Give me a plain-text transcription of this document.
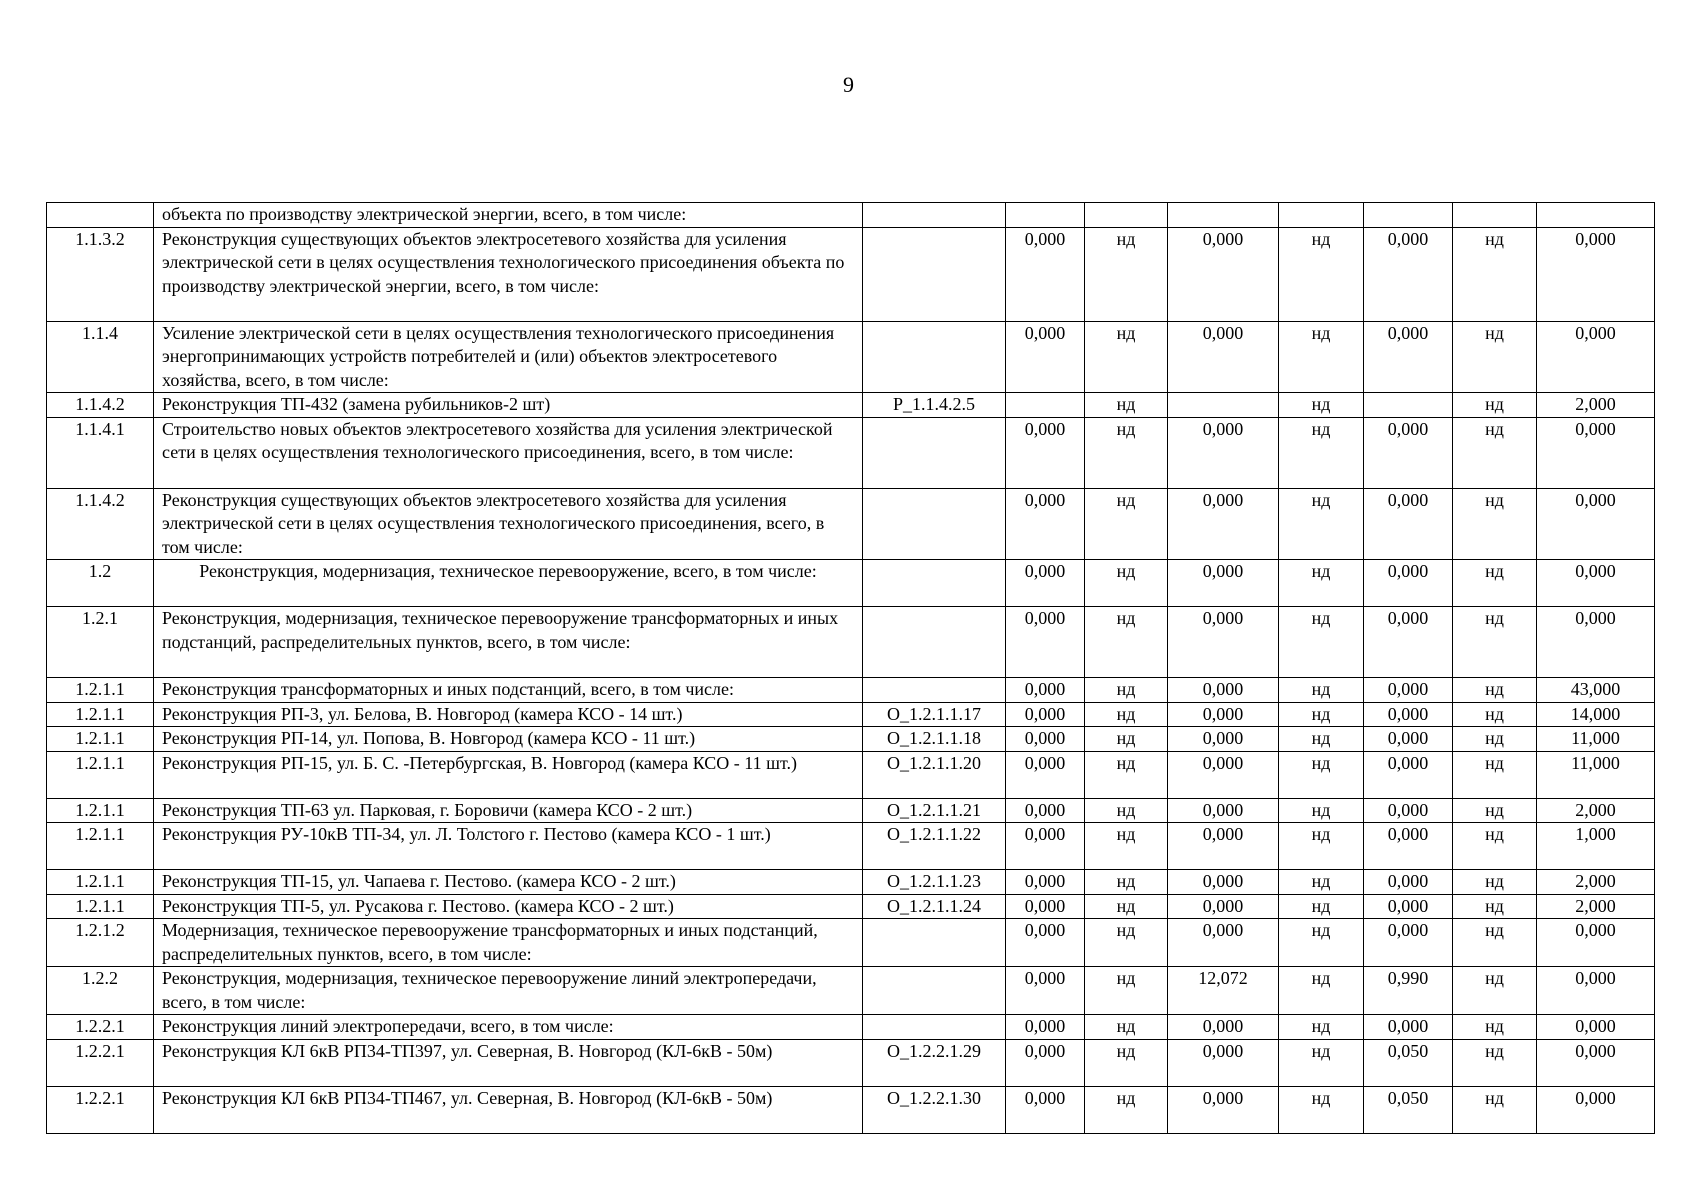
9
	объекта по производству электрической энергии, всего, в том числе:								
1.1.3.2	Реконструкция существующих объектов электросетевого хозяйства для усиления электрической сети в целях осуществления технологического присоединения объекта по производству электрической энергии, всего, в том числе:		0,000	нд	0,000	нд	0,000	нд	0,000
1.1.4	Усиление электрической сети в целях осуществления технологического присоединения энергопринимающих устройств потребителей и (или) объектов электросетевого хозяйства, всего, в том числе:		0,000	нд	0,000	нд	0,000	нд	0,000
1.1.4.2	Реконструкция ТП-432 (замена рубильников-2 шт)	Р_1.1.4.2.5		нд		нд		нд	2,000
1.1.4.1	Строительство новых объектов электросетевого хозяйства для усиления электрической сети в целях осуществления технологического присоединения, всего, в том числе:		0,000	нд	0,000	нд	0,000	нд	0,000
1.1.4.2	Реконструкция существующих объектов электросетевого хозяйства для усиления электрической сети в целях осуществления технологического присоединения, всего, в том числе:		0,000	нд	0,000	нд	0,000	нд	0,000
1.2	Реконструкция, модернизация, техническое перевооружение, всего, в том числе:		0,000	нд	0,000	нд	0,000	нд	0,000
1.2.1	Реконструкция, модернизация, техническое перевооружение трансформаторных и иных подстанций, распределительных пунктов, всего, в том числе:		0,000	нд	0,000	нд	0,000	нд	0,000
1.2.1.1	Реконструкция трансформаторных и иных подстанций, всего, в том числе:		0,000	нд	0,000	нд	0,000	нд	43,000
1.2.1.1	Реконструкция РП-3, ул. Белова, В. Новгород (камера КСО - 14 шт.)	О_1.2.1.1.17	0,000	нд	0,000	нд	0,000	нд	14,000
1.2.1.1	Реконструкция РП-14, ул. Попова, В. Новгород (камера КСО - 11 шт.)	О_1.2.1.1.18	0,000	нд	0,000	нд	0,000	нд	11,000
1.2.1.1	Реконструкция РП-15, ул. Б. С. -Петербургская, В. Новгород (камера КСО - 11 шт.)	О_1.2.1.1.20	0,000	нд	0,000	нд	0,000	нд	11,000
1.2.1.1	Реконструкция ТП-63 ул. Парковая, г. Боровичи (камера КСО - 2 шт.)	О_1.2.1.1.21	0,000	нд	0,000	нд	0,000	нд	2,000
1.2.1.1	Реконструкция РУ-10кВ ТП-34, ул. Л. Толстого г. Пестово (камера КСО - 1 шт.)	О_1.2.1.1.22	0,000	нд	0,000	нд	0,000	нд	1,000
1.2.1.1	Реконструкция ТП-15, ул. Чапаева г. Пестово. (камера КСО - 2 шт.)	О_1.2.1.1.23	0,000	нд	0,000	нд	0,000	нд	2,000
1.2.1.1	Реконструкция ТП-5, ул. Русакова г. Пестово. (камера КСО - 2 шт.)	О_1.2.1.1.24	0,000	нд	0,000	нд	0,000	нд	2,000
1.2.1.2	Модернизация, техническое перевооружение трансформаторных и иных подстанций, распределительных пунктов, всего, в том числе:		0,000	нд	0,000	нд	0,000	нд	0,000
1.2.2	Реконструкция, модернизация, техническое перевооружение линий электропередачи, всего, в том числе:		0,000	нд	12,072	нд	0,990	нд	0,000
1.2.2.1	Реконструкция линий электропередачи, всего, в том числе:		0,000	нд	0,000	нд	0,000	нд	0,000
1.2.2.1	Реконструкция КЛ 6кВ РП34-ТП397, ул. Северная, В. Новгород (КЛ-6кВ - 50м)	О_1.2.2.1.29	0,000	нд	0,000	нд	0,050	нд	0,000
1.2.2.1	Реконструкция КЛ 6кВ РП34-ТП467, ул. Северная, В. Новгород (КЛ-6кВ - 50м)	О_1.2.2.1.30	0,000	нд	0,000	нд	0,050	нд	0,000
